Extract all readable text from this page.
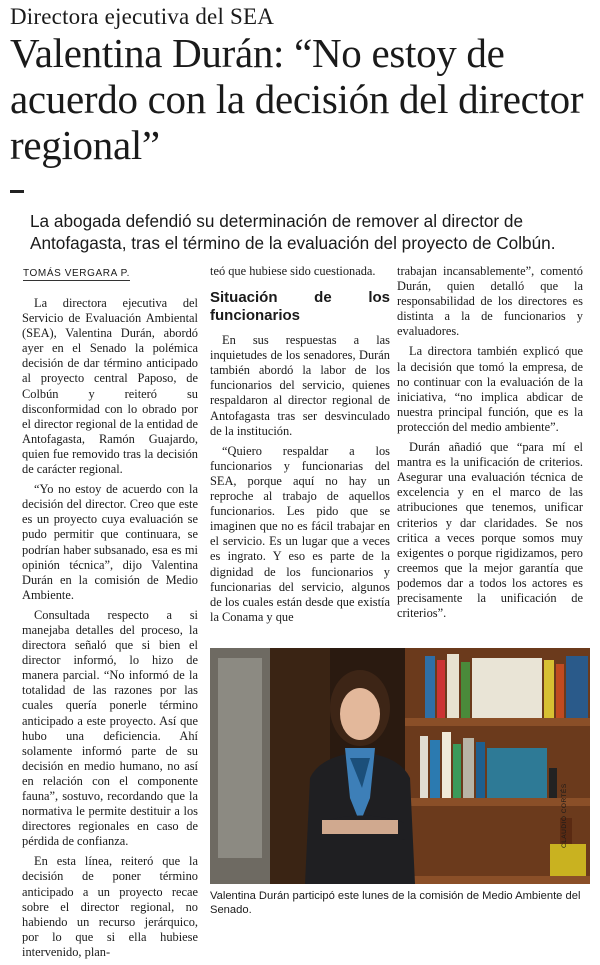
Directora ejecutiva del SEA
Valentina Durán: “No estoy de acuerdo con la decisión del director regional”

La abogada defendió su determinación de remover al director de Antofagasta, tras el término de la evaluación del proyecto de Colbún.

TOMÁS VERGARA P.

La directora ejecutiva del Servicio de Evaluación Ambiental (SEA), Valentina Durán, abordó ayer en el Senado la polémica decisión de dar término anticipado al proyecto central Paposo, de Colbún y reiteró su disconformidad con lo obrado por el director regional de la entidad de Antofagasta, Ramón Guajardo, quien fue removido tras la decisión de carácter regional.

“Yo no estoy de acuerdo con la decisión del director. Creo que este es un proyecto cuya evaluación se pudo permitir que continuara, se podrían haber subsanado, esa es mi opinión técnica”, dijo Valentina Durán en la comisión de Medio Ambiente.

Consultada respecto a si manejaba detalles del proceso, la directora señaló que si bien el director informó, lo hizo de manera parcial. “No informó de la totalidad de las razones por las cuales quería ponerle término anticipado a este proyecto. Así que hubo una deficiencia. Ahí solamente informó parte de su decisión en medio humano, no así en relación con el componente fauna”, sostuvo, recordando que la normativa le permite destituir a los directores regionales en caso de pérdida de confianza.

En esta línea, reiteró que la decisión de poner término anticipado a un proyecto recae sobre el director regional, no habiendo un recurso jerárquico, por lo que si ella hubiese intervenido, plan-

teó que hubiese sido cuestionada.

Situación de los funcionarios

En sus respuestas a las inquietudes de los senadores, Durán también abordó la labor de los funcionarios del servicio, quienes respaldaron al director regional de Antofagasta tras ser desvinculado de la institución.

“Quiero respaldar a los funcionarios y funcionarias del SEA, porque aquí no hay un reproche al trabajo de aquellos funcionarios. Les pido que se imaginen que no es fácil trabajar en el servicio. Es un lugar que a veces es ingrato. Y eso es parte de la dignidad de los funcionarios y funcionarias del servicio, algunos de los cuales están desde que existía la Conama y que

trabajan incansablemente”, comentó Durán, quien detalló que la responsabilidad de los directores es distinta a la de funcionarios y evaluadores.

La directora también explicó que la decisión que tomó la empresa, de no continuar con la evaluación de la iniciativa, “no implica abdicar de nuestra principal función, que es la protección del medio ambiente”.

Durán añadió que “para mí el mantra es la unificación de criterios. Asegurar una evaluación técnica de excelencia y en el marco de las atribuciones que tenemos, unificar criterios y dar claridades. Se nos critica a veces porque somos muy exigentes o porque rigidizamos, pero creemos que la mejor garantía que podemos dar a todos los actores es precisamente la unificación de criterios”.

CLAUDIO CORTÉS

Valentina Durán participó este lunes de la comisión de Medio Ambiente del Senado.
